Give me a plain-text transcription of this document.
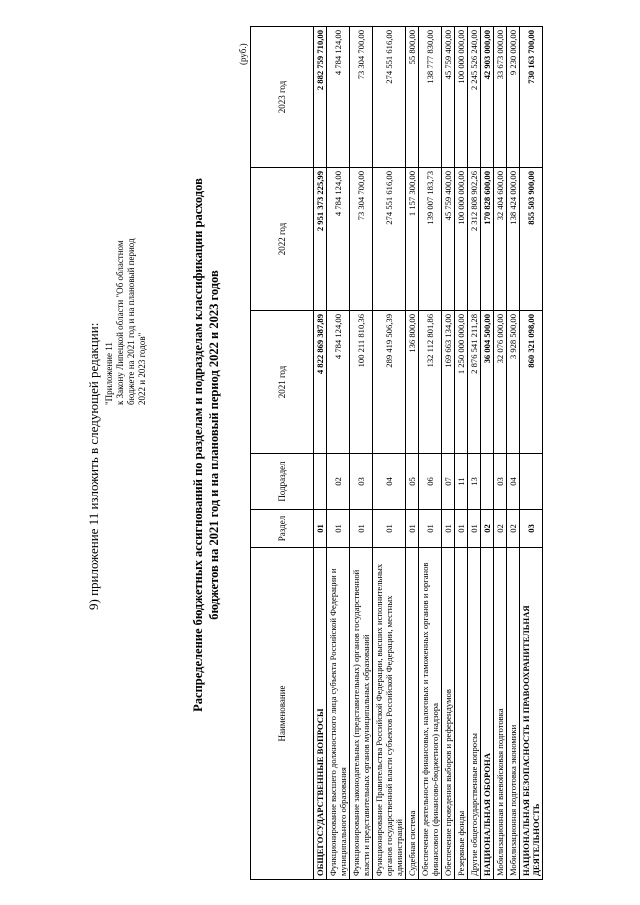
9) приложение 11 изложить в следующей редакции: "Приложение 11 к Закону Липецкой области "Об областном бюджете на 2021 год и на плановый период 2022 и 2023 годов"	Распределение бюджетных ассигнований по разделам и подразделам классификации расходов бюджетов на 2021 год и на плановый период 2022 и 2023 годов
(руб.)
Наименование	Раздел	Подраздел	2021 год	2022 год	2023 год
ОБЩЕГОСУДАРСТВЕННЫЕ ВОПРОСЫ	01		4 822 869 387,89	2 951 373 225,99	2 882 759 710,00
Функционирование высшего должностного лица субъекта Российской Федерации и муниципального образования	01	02	4 784 124,00	4 784 124,00	4 784 124,00
Функционирование законодательных (представительных) органов государственной власти и представительных органов муниципальных образований	01	03	100 211 810,36	73 304 700,00	73 304 700,00
Функционирование Правительства Российской Федерации, высших исполнительных органов государственной власти субъектов Российской Федерации, местных администраций	01	04	289 419 506,39	274 551 616,00	274 551 616,00
Судебная система	01	05	136 800,00	1 157 300,00	55 800,00
Обеспечение деятельности финансовых, налоговых и таможенных органов и органов финансового (финансово-бюджетного) надзора	01	06	132 112 801,86	139 007 183,73	138 777 830,00
Обеспечение проведения выборов и референдумов	01	07	169 663 134,00	45 759 400,00	45 759 400,00
Резервные фонды	01	11	1 250 000 000,00	100 000 000,00	100 000 000,00
Другие общегосударственные вопросы	01	13	2 876 541 211,28	2 312 808 902,26	2 245 526 240,00
НАЦИОНАЛЬНАЯ ОБОРОНА	02		36 004 500,00	170 828 600,00	42 903 000,00
Мобилизационная и вневойсковая подготовка	02	03	32 076 000,00	32 404 600,00	33 673 000,00
Мобилизационная подготовка экономики	02	04	3 928 500,00	138 424 000,00	9 230 000,00
НАЦИОНАЛЬНАЯ БЕЗОПАСНОСТЬ И ПРАВООХРАНИТЕЛЬНАЯ ДЕЯТЕЛЬНОСТЬ	03		860 321 098,00	855 503 900,00	730 163 700,00
